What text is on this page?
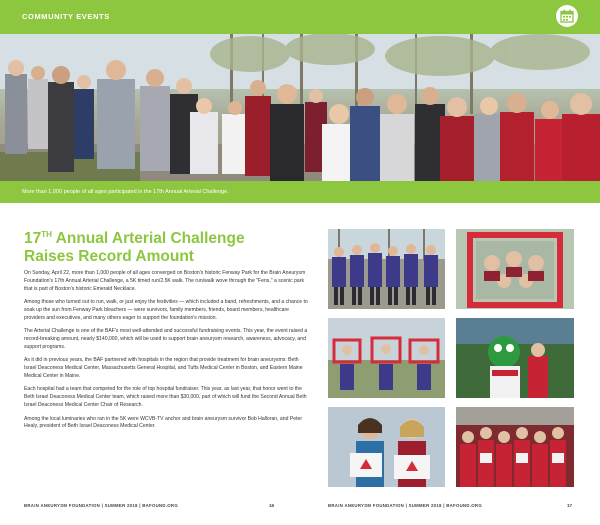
COMMUNITY EVENTS
More than 1,000 people of all ages participated in the 17th Annual Arterial Challenge.
17TH Annual Arterial Challenge
Raises Record Amount

On Sunday, April 22, more than 1,000 people of all ages converged on Boston's historic Fenway Park for the Brain Aneurysm Foundation's 17th Annual Arterial Challenge, a 5K timed run/2.5K walk. The run/walk wove through the "Fens," a scenic park that is part of Boston's historic Emerald Necklace.

Among those who turned out to run, walk, or just enjoy the festivities — which included a band, refreshments, and a chance to soak up the sun from Fenway Park bleachers — were survivors, family members, friends, board members, healthcare providers and executives, and many others eager to support the foundation's mission.

The Arterial Challenge is one of the BAF's most well-attended and successful fundraising events. This year, the event raised a record-breaking amount, nearly $140,000, which will be used to support brain aneurysm research, awareness, advocacy, and support programs.

As it did in previous years, the BAF partnered with hospitals in the region that provide treatment for brain aneurysms: Beth Israel Deaconess Medical Center, Massachusetts General Hospital, and Tufts Medical Center in Boston, and Eastern Maine Medical Center in Maine.

Each hospital had a team that competed for the role of top hospital fundraiser. This year, as last year, that honor went to the Beth Israel Deaconess Medical Center team, which raised more than $30,000, part of which will fund the Second Annual Beth Israel Deaconess Medical Center Chair of Research.

Among the local luminaries who ran in the 5K were WCVB-TV anchor and brain aneurysm survivor Bob Halloran, and Peter Healy, president of Beth Israel Deaconess Medical Center.

BRAIN ANEURYSM FOUNDATION | SUMMER 2018 | BAFOUND.ORG	16	BRAIN ANEURYSM FOUNDATION | SUMMER 2018 | BAFOUND.ORG	17
